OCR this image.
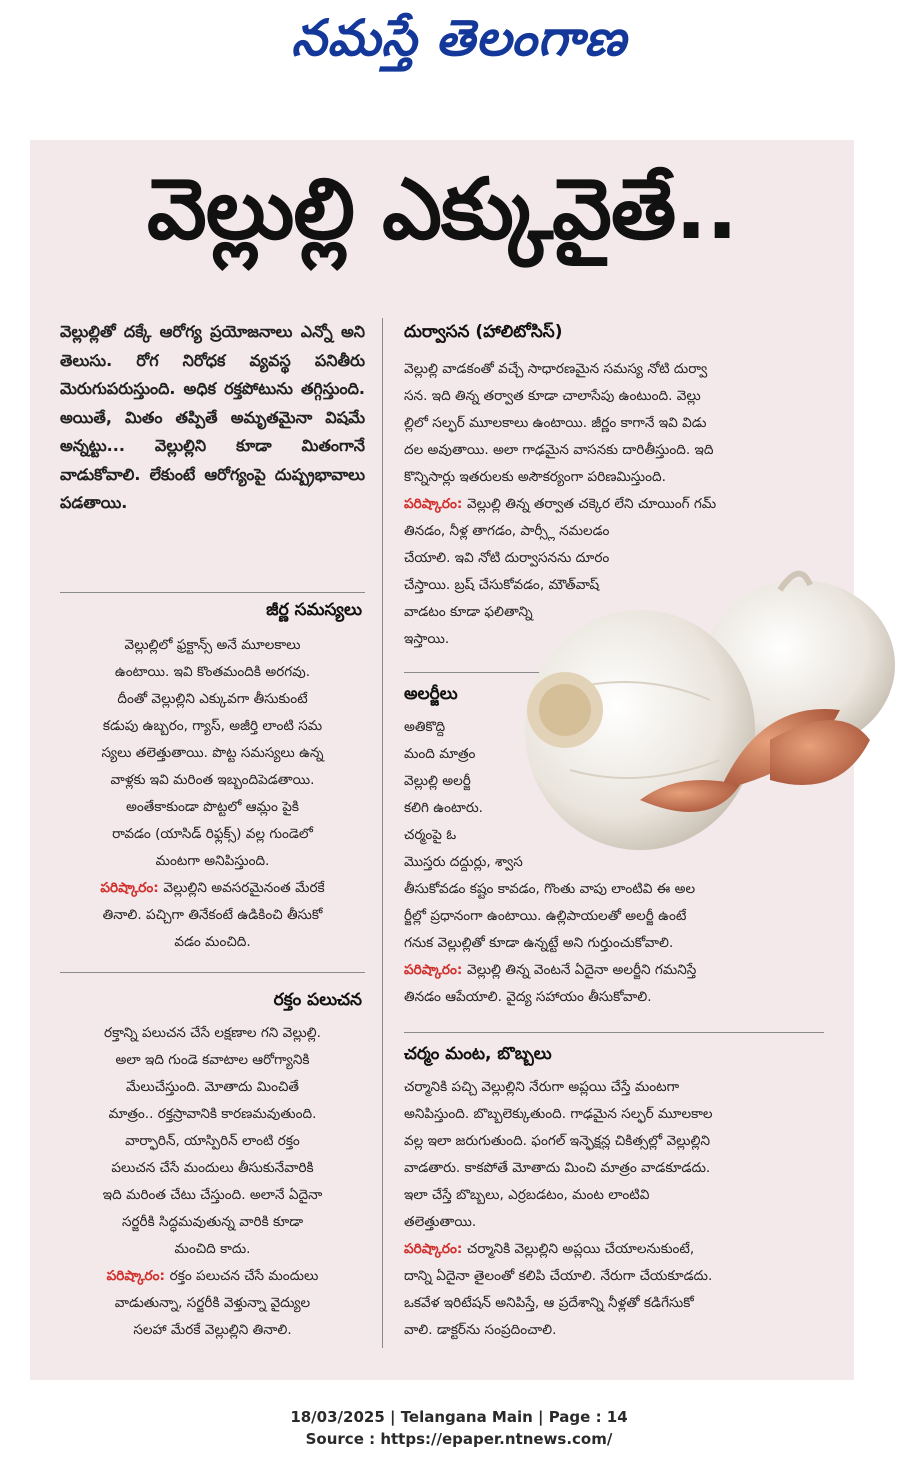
నమస్తే తెలంగాణ
వెల్లుల్లి ఎక్కువైతే..
వెల్లుల్లితో దక్కే ఆరోగ్య ప్రయోజనాలు ఎన్నో అని తెలుసు. రోగ నిరోధక వ్యవస్థ పనితీరు మెరుగుపరుస్తుంది. అధిక రక్తపోటును తగ్గిస్తుంది. అయితే, మితం తప్పితే అమృతమైనా విషమే అన్నట్టు... వెల్లుల్లిని కూడా మితంగానే వాడుకోవాలి. లేకుంటే ఆరోగ్యంపై దుష్ప్రభావాలు పడతాయి.
జీర్ణ సమస్యలు

వెల్లుల్లిలో ఫ్రక్టాన్స్ అనే మూలకాలు

ఉంటాయి. ఇవి కొంతమందికి అరగవు.

దీంతో వెల్లుల్లిని ఎక్కువగా తీసుకుంటే

కడుపు ఉబ్బరం, గ్యాస్, అజీర్తి లాంటి సమ

స్యలు తలెత్తుతాయి. పొట్ట సమస్యలు ఉన్న

వాళ్లకు ఇవి మరింత ఇబ్బందిపెడతాయి.

అంతేకాకుండా పొట్టలో ఆమ్లం పైకి

రావడం (యాసిడ్ రిఫ్లక్స్) వల్ల గుండెలో

మంటగా అనిపిస్తుంది.

పరిష్కారం: వెల్లుల్లిని అవసరమైనంత మేరకే

తినాలి. పచ్చిగా తినేకంటే ఉడికించి తీసుకో

వడం మంచిది.

రక్తం పలుచన

రక్తాన్ని పలుచన చేసే లక్షణాల గని వెల్లుల్లి.

అలా ఇది గుండె కవాటాల ఆరోగ్యానికి

మేలుచేస్తుంది. మోతాదు మించితే

మాత్రం.. రక్తస్రావానికి కారణమవుతుంది.

వార్ఫారిన్, యాస్పిరిన్ లాంటి రక్తం

పలుచన చేసే మందులు తీసుకునేవారికి

ఇది మరింత చేటు చేస్తుంది. అలానే ఏదైనా

సర్జరీకి సిద్ధమవుతున్న వారికి కూడా

మంచిది కాదు.

పరిష్కారం: రక్తం పలుచన చేసే మందులు

వాడుతున్నా, సర్జరీకి వెళ్తున్నా వైద్యుల

సలహా మేరకే వెల్లుల్లిని తినాలి.

దుర్వాసన (హాలిటోసిస్)

వెల్లుల్లి వాడకంతో వచ్చే సాధారణమైన సమస్య నోటి దుర్వా

సన. ఇది తిన్న తర్వాత కూడా చాలాసేపు ఉంటుంది. వెల్లు

ల్లిలో సల్ఫర్ మూలకాలు ఉంటాయి. జీర్ణం కాగానే ఇవి విడు

దల అవుతాయి. అలా గాఢమైన వాసనకు దారితీస్తుంది. ఇది

కొన్నిసార్లు ఇతరులకు అసౌకర్యంగా పరిణమిస్తుంది.

పరిష్కారం: వెల్లుల్లి తిన్న తర్వాత చక్కెర లేని చూయింగ్ గమ్

తినడం, నీళ్ల తాగడం, పార్స్లీ నమలడం

చేయాలి. ఇవి నోటి దుర్వాసనను దూరం

చేస్తాయి. బ్రష్ చేసుకోవడం, మౌత్‌వాష్

వాడటం కూడా ఫలితాన్ని

ఇస్తాయి.

అలర్జీలు

అతికొద్ది

మంది మాత్రం

వెల్లుల్లి అలర్జీ

కలిగి ఉంటారు.

చర్మంపై ఓ

మొస్తరు దద్దుర్లు, శ్వాస

తీసుకోవడం కష్టం కావడం, గొంతు వాపు లాంటివి ఈ అల

ర్జీల్లో ప్రధానంగా ఉంటాయి. ఉల్లిపాయలతో అలర్జీ ఉంటే

గనుక వెల్లుల్లితో కూడా ఉన్నట్టే అని గుర్తుంచుకోవాలి.

పరిష్కారం: వెల్లుల్లి తిన్న వెంటనే ఏదైనా అలర్జీని గమనిస్తే

తినడం ఆపేయాలి. వైద్య సహాయం తీసుకోవాలి.

చర్మం మంట, బొబ్బలు

చర్మానికి పచ్చి వెల్లుల్లిని నేరుగా అప్లయి చేస్తే మంటగా

అనిపిస్తుంది. బొబ్బలెక్కుతుంది. గాఢమైన సల్ఫర్ మూలకాల

వల్ల ఇలా జరుగుతుంది. ఫంగల్ ఇన్ఫెక్షన్ల చికిత్సల్లో వెల్లుల్లిని

వాడతారు. కాకపోతే మోతాదు మించి మాత్రం వాడకూడదు.

ఇలా చేస్తే బొబ్బలు, ఎర్రబడటం, మంట లాంటివి

తలెత్తుతాయి.

పరిష్కారం: చర్మానికి వెల్లుల్లిని అప్లయి చేయాలనుకుంటే,

దాన్ని ఏదైనా తైలంతో కలిపి చేయాలి. నేరుగా చేయకూడదు.

ఒకవేళ ఇరిటేషన్ అనిపిస్తే, ఆ ప్రదేశాన్ని నీళ్లతో కడిగేసుకో

వాలి. డాక్టర్‌ను సంప్రదించాలి.

18/03/2025 | Telangana Main | Page : 14
Source : https://epaper.ntnews.com/
